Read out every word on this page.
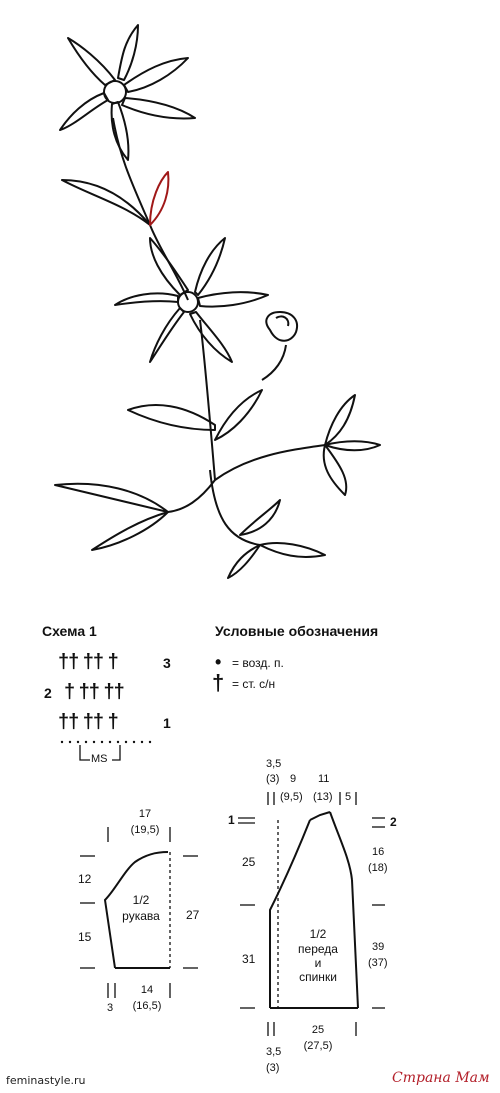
Схема 1
†† †† †
† †† ††
†† †† †
3
2
1
MS
Условные обозначения
• = возд. п.
† = ст. с/н
17
(19,5)
12
15
27
1/2
рукава
3
14
(16,5)
3,5
(3) 9
(9,5)
11
(13) 5
1	2
25
31
16
(18)
39
(37)
1/2
переда
и
спинки
3,5
(3)
25
(27,5)
feminastyle.ru	Страна Мам
